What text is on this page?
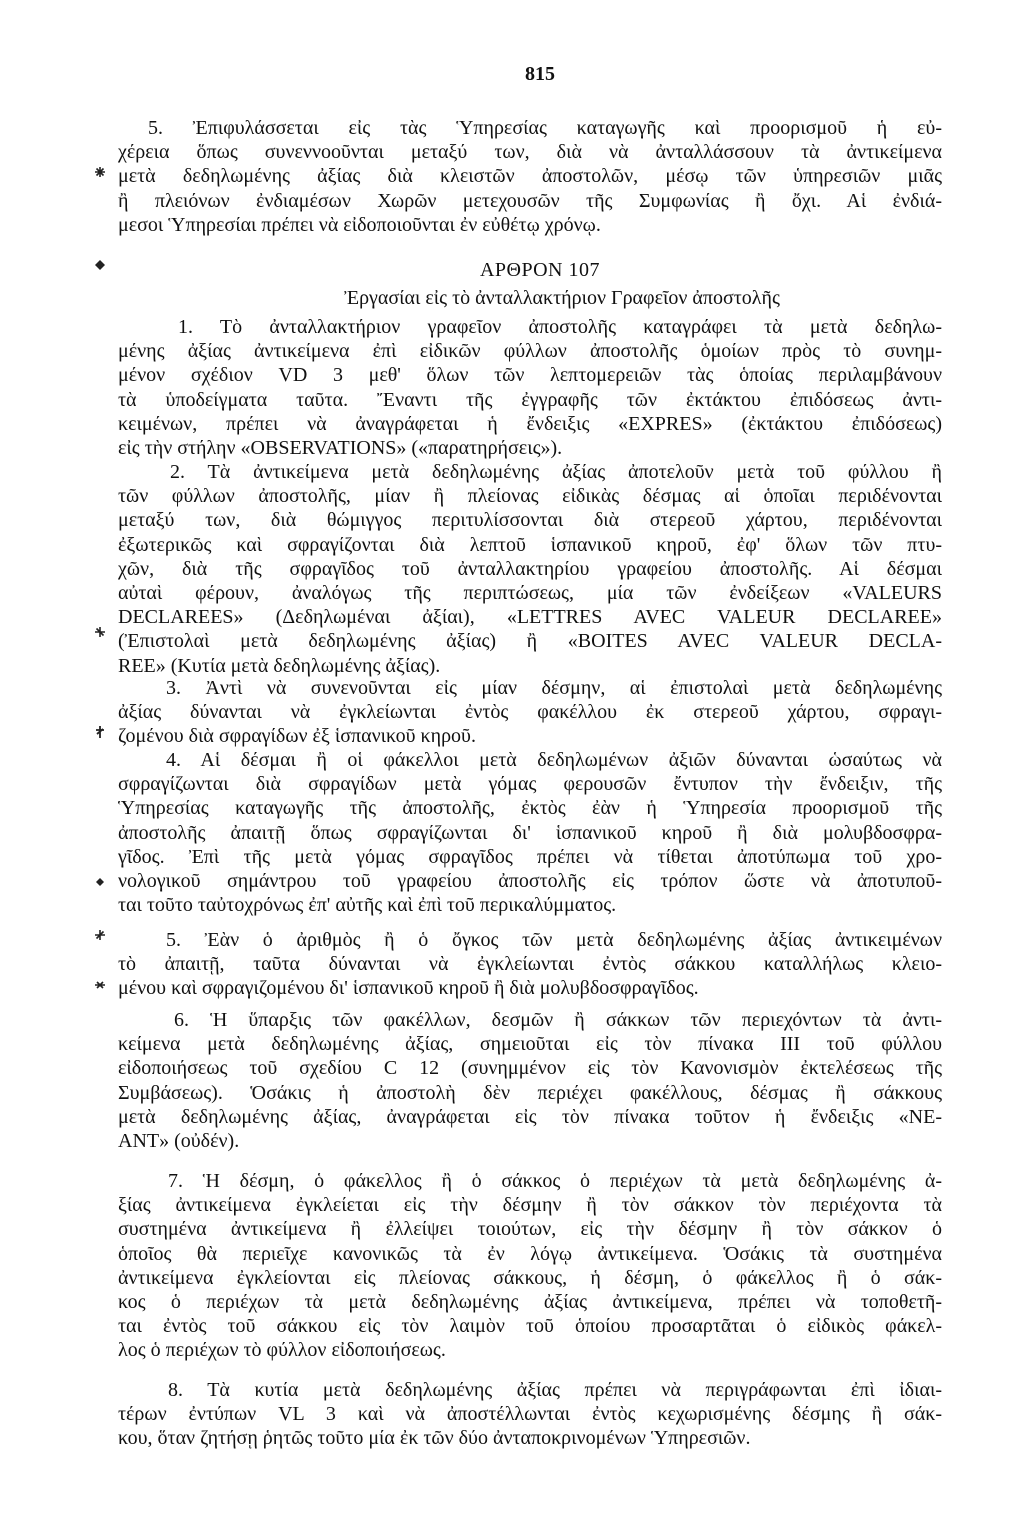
815
5. Ἐπιφυλάσσεται εἰς τὰς Ὑπηρεσίας καταγωγῆς καὶ προορισμοῦ ἡ εὐ-
χέρεια ὅπως συνεννοοῦνται μεταξύ των, διὰ νὰ ἀνταλλάσσουν τὰ ἀντικείμενα
μετὰ δεδηλωμένης ἀξίας διὰ κλειστῶν ἀποστολῶν, μέσῳ τῶν ὑπηρεσιῶν μιᾶς
ἢ πλειόνων ἐνδιαμέσων Χωρῶν μετεχουσῶν τῆς Συμφωνίας ἢ ὄχι. Αἱ ἐνδιά-
μεσοι Ὑπηρεσίαι πρέπει νὰ εἰδοποιοῦνται ἐν εὐθέτῳ χρόνῳ.
ΑΡΘΡΟΝ 107
Ἐργασίαι εἰς τὸ ἀνταλλακτήριον Γραφεῖον ἀποστολῆς
1. Τὸ ἀνταλλακτήριον γραφεῖον ἀποστολῆς καταγράφει τὰ μετὰ δεδηλω-
μένης ἀξίας ἀντικείμενα ἐπὶ εἰδικῶν φύλλων ἀποστολῆς ὁμοίων πρὸς τὸ συνημ-
μένον σχέδιον VD 3 μεθ' ὅλων τῶν λεπτομερειῶν τὰς ὁποίας περιλαμβάνουν
τὰ ὑποδείγματα ταῦτα. Ἔναντι τῆς ἐγγραφῆς τῶν ἐκτάκτου ἐπιδόσεως ἀντι-
κειμένων, πρέπει νὰ ἀναγράφεται ἡ ἔνδειξις «EXPRES» (ἐκτάκτου ἐπιδόσεως)
εἰς τὴν στήλην «OBSERVATIONS» («παρατηρήσεις»).
2. Τὰ ἀντικείμενα μετὰ δεδηλωμένης ἀξίας ἀποτελοῦν μετὰ τοῦ φύλλου ἢ
τῶν φύλλων ἀποστολῆς, μίαν ἢ πλείονας εἰδικὰς δέσμας αἱ ὁποῖαι περιδένονται
μεταξύ των, διὰ θώμιγγος περιτυλίσσονται διὰ στερεοῦ χάρτου, περιδένονται
ἐξωτερικῶς καὶ σφραγίζονται διὰ λεπτοῦ ἱσπανικοῦ κηροῦ, ἐφ' ὅλων τῶν πτυ-
χῶν, διὰ τῆς σφραγῖδος τοῦ ἀνταλλακτηρίου γραφείου ἀποστολῆς. Αἱ δέσμαι
αὐταὶ φέρουν, ἀναλόγως τῆς περιπτώσεως, μία τῶν ἐνδείξεων «VALEURS
DECLAREES» (Δεδηλωμέναι ἀξίαι), «LETTRES AVEC VALEUR DECLAREE»
(Ἐπιστολαὶ μετὰ δεδηλωμένης ἀξίας) ἢ «BOITES AVEC VALEUR DECLA-
REE» (Κυτία μετὰ δεδηλωμένης ἀξίας).
3. Ἀντὶ νὰ συνενοῦνται εἰς μίαν δέσμην, αἱ ἐπιστολαὶ μετὰ δεδηλωμένης
ἀξίας δύνανται νὰ ἐγκλείωνται ἐντὸς φακέλλου ἐκ στερεοῦ χάρτου, σφραγι-
ζομένου διὰ σφραγίδων ἐξ ἱσπανικοῦ κηροῦ.
4. Αἱ δέσμαι ἢ οἱ φάκελλοι μετὰ δεδηλωμένων ἀξιῶν δύνανται ὡσαύτως νὰ
σφραγίζωνται διὰ σφραγίδων μετὰ γόμας φερουσῶν ἔντυπον τὴν ἔνδειξιν, τῆς
Ὑπηρεσίας καταγωγῆς τῆς ἀποστολῆς, ἐκτὸς ἐὰν ἡ Ὑπηρεσία προορισμοῦ τῆς
ἀποστολῆς ἀπαιτῇ ὅπως σφραγίζωνται δι' ἱσπανικοῦ κηροῦ ἢ διὰ μολυβδοσφρα-
γῖδος. Ἐπὶ τῆς μετὰ γόμας σφραγῖδος πρέπει νὰ τίθεται ἀποτύπωμα τοῦ χρο-
νολογικοῦ σημάντρου τοῦ γραφείου ἀποστολῆς εἰς τρόπον ὥστε νὰ ἀποτυποῦ-
ται τοῦτο ταὐτοχρόνως ἐπ' αὐτῆς καὶ ἐπὶ τοῦ περικαλύμματος.
5. Ἐὰν ὁ ἀριθμὸς ἢ ὁ ὄγκος τῶν μετὰ δεδηλωμένης ἀξίας ἀντικειμένων
τὸ ἀπαιτῇ, ταῦτα δύνανται νὰ ἐγκλείωνται ἐντὸς σάκκου καταλλήλως κλειο-
μένου καὶ σφραγιζομένου δι' ἱσπανικοῦ κηροῦ ἢ διὰ μολυβδοσφραγῖδος.
6. Ἡ ὕπαρξις τῶν φακέλλων, δεσμῶν ἢ σάκκων τῶν περιεχόντων τὰ ἀντι-
κείμενα μετὰ δεδηλωμένης ἀξίας, σημειοῦται εἰς τὸν πίνακα III τοῦ φύλλου
εἰδοποιήσεως τοῦ σχεδίου C 12 (συνημμένον εἰς τὸν Κανονισμὸν ἐκτελέσεως τῆς
Συμβάσεως). Ὁσάκις ἡ ἀποστολὴ δὲν περιέχει φακέλλους, δέσμας ἢ σάκκους
μετὰ δεδηλωμένης ἀξίας, ἀναγράφεται εἰς τὸν πίνακα τοῦτον ἡ ἔνδειξις «NE-
ANT» (οὐδέν).
7. Ἡ δέσμη, ὁ φάκελλος ἢ ὁ σάκκος ὁ περιέχων τὰ μετὰ δεδηλωμένης ἀ-
ξίας ἀντικείμενα ἐγκλείεται εἰς τὴν δέσμην ἢ τὸν σάκκον τὸν περιέχοντα τὰ
συστημένα ἀντικείμενα ἢ ἐλλείψει τοιούτων, εἰς τὴν δέσμην ἢ τὸν σάκκον ὁ
ὁποῖος θὰ περιεῖχε κανονικῶς τὰ ἐν λόγῳ ἀντικείμενα. Ὁσάκις τὰ συστημένα
ἀντικείμενα ἐγκλείονται εἰς πλείονας σάκκους, ἡ δέσμη, ὁ φάκελλος ἢ ὁ σάκ-
κος ὁ περιέχων τὰ μετὰ δεδηλωμένης ἀξίας ἀντικείμενα, πρέπει νὰ τοποθετῆ-
ται ἐντὸς τοῦ σάκκου εἰς τὸν λαιμὸν τοῦ ὁποίου προσαρτᾶται ὁ εἰδικὸς φάκελ-
λος ὁ περιέχων τὸ φύλλον εἰδοποιήσεως.
8. Τὰ κυτία μετὰ δεδηλωμένης ἀξίας πρέπει νὰ περιγράφωνται ἐπὶ ἰδιαι-
τέρων ἐντύπων VL 3 καὶ νὰ ἀποστέλλωνται ἐντὸς κεχωρισμένης δέσμης ἢ σάκ-
κου, ὅταν ζητήσῃ ῥητῶς τοῦτο μία ἐκ τῶν δύο ἀνταποκρινομένων Ὑπηρεσιῶν.
